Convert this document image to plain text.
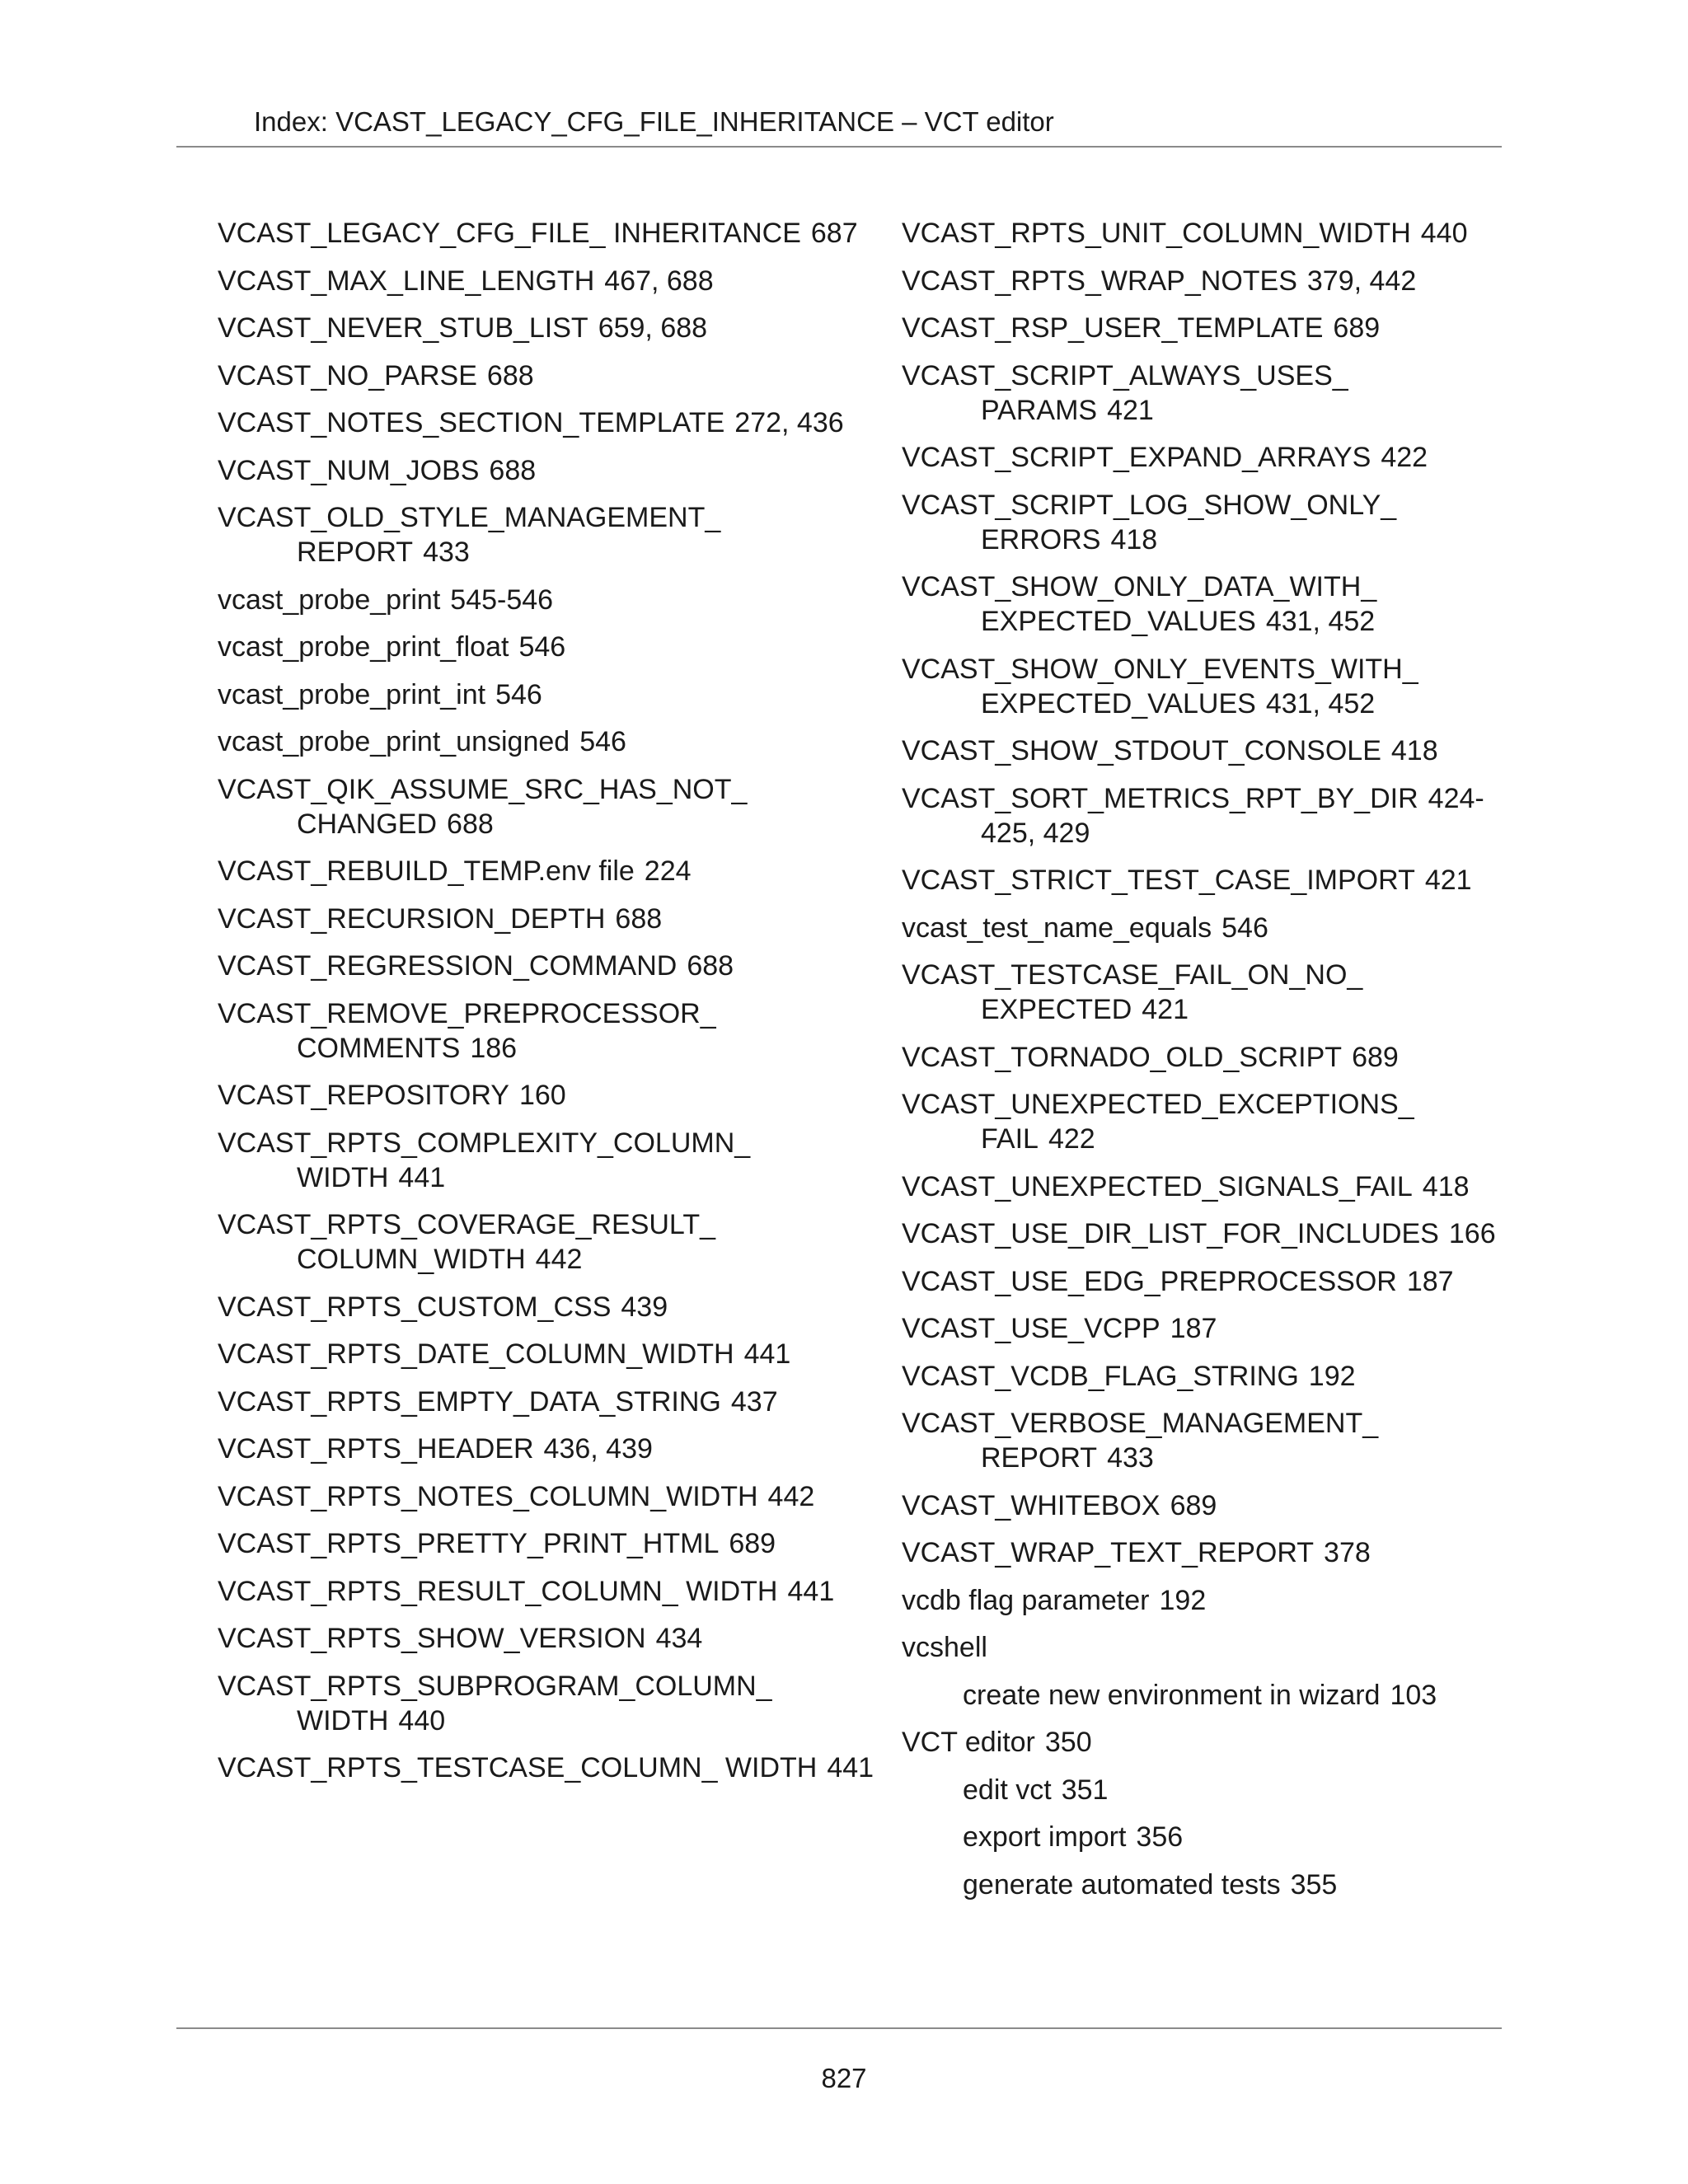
Index: VCAST_LEGACY_CFG_FILE_INHERITANCE – VCT editor
VCAST_LEGACY_CFG_FILE_ INHERITANCE 687
VCAST_MAX_LINE_LENGTH 467, 688
VCAST_NEVER_STUB_LIST 659, 688
VCAST_NO_PARSE 688
VCAST_NOTES_SECTION_TEMPLATE 272, 436
VCAST_NUM_JOBS 688
VCAST_OLD_STYLE_MANAGEMENT_ REPORT 433
vcast_probe_print 545-546
vcast_probe_print_float 546
vcast_probe_print_int 546
vcast_probe_print_unsigned 546
VCAST_QIK_ASSUME_SRC_HAS_NOT_ CHANGED 688
VCAST_REBUILD_TEMP.env file 224
VCAST_RECURSION_DEPTH 688
VCAST_REGRESSION_COMMAND 688
VCAST_REMOVE_PREPROCESSOR_ COMMENTS 186
VCAST_REPOSITORY 160
VCAST_RPTS_COMPLEXITY_COLUMN_ WIDTH 441
VCAST_RPTS_COVERAGE_RESULT_ COLUMN_WIDTH 442
VCAST_RPTS_CUSTOM_CSS 439
VCAST_RPTS_DATE_COLUMN_WIDTH 441
VCAST_RPTS_EMPTY_DATA_STRING 437
VCAST_RPTS_HEADER 436, 439
VCAST_RPTS_NOTES_COLUMN_WIDTH 442
VCAST_RPTS_PRETTY_PRINT_HTML 689
VCAST_RPTS_RESULT_COLUMN_ WIDTH 441
VCAST_RPTS_SHOW_VERSION 434
VCAST_RPTS_SUBPROGRAM_COLUMN_ WIDTH 440
VCAST_RPTS_TESTCASE_COLUMN_ WIDTH 441
VCAST_RPTS_UNIT_COLUMN_WIDTH 440
VCAST_RPTS_WRAP_NOTES 379, 442
VCAST_RSP_USER_TEMPLATE 689
VCAST_SCRIPT_ALWAYS_USES_ PARAMS 421
VCAST_SCRIPT_EXPAND_ARRAYS 422
VCAST_SCRIPT_LOG_SHOW_ONLY_ ERRORS 418
VCAST_SHOW_ONLY_DATA_WITH_ EXPECTED_VALUES 431, 452
VCAST_SHOW_ONLY_EVENTS_WITH_ EXPECTED_VALUES 431, 452
VCAST_SHOW_STDOUT_CONSOLE 418
VCAST_SORT_METRICS_RPT_BY_DIR 424-425, 429
VCAST_STRICT_TEST_CASE_IMPORT 421
vcast_test_name_equals 546
VCAST_TESTCASE_FAIL_ON_NO_ EXPECTED 421
VCAST_TORNADO_OLD_SCRIPT 689
VCAST_UNEXPECTED_EXCEPTIONS_ FAIL 422
VCAST_UNEXPECTED_SIGNALS_FAIL 418
VCAST_USE_DIR_LIST_FOR_INCLUDES 166
VCAST_USE_EDG_PREPROCESSOR 187
VCAST_USE_VCPP 187
VCAST_VCDB_FLAG_STRING 192
VCAST_VERBOSE_MANAGEMENT_ REPORT 433
VCAST_WHITEBOX 689
VCAST_WRAP_TEXT_REPORT 378
vcdb flag parameter 192
vcshell
create new environment in wizard 103
VCT editor 350
edit vct 351
export import 356
generate automated tests 355
827
